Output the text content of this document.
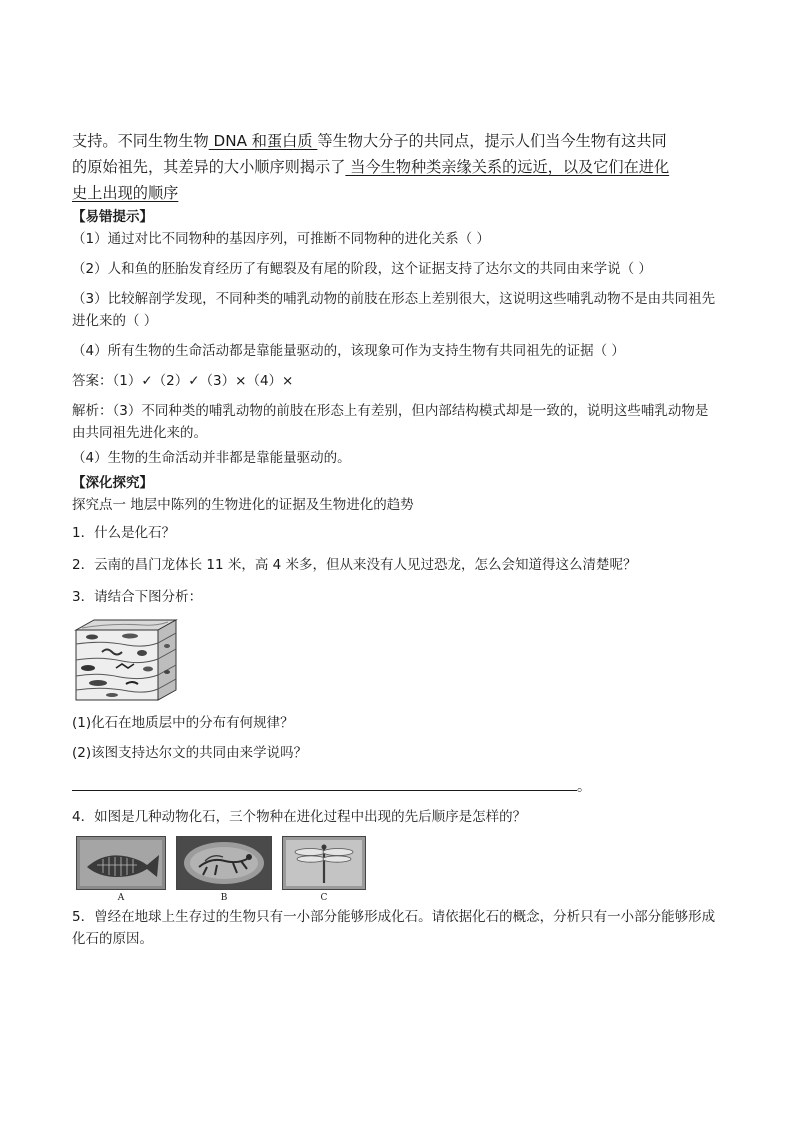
支持。不同生物生物 DNA 和蛋白质 等生物大分子的共同点，提示人们当今生物有这共同

的原始祖先，其差异的大小顺序则揭示了 当今生物种类亲缘关系的远近，以及它们在进化

史上出现的顺序

【易错提示】

（1）通过对比不同物种的基因序列，可推断不同物种的进化关系（ ）

（2）人和鱼的胚胎发育经历了有鳃裂及有尾的阶段，这个证据支持了达尔文的共同由来学说（ ）

（3）比较解剖学发现，不同种类的哺乳动物的前肢在形态上差别很大，这说明这些哺乳动物不是由共同祖先进化来的（ ）

（4）所有生物的生命活动都是靠能量驱动的，该现象可作为支持生物有共同祖先的证据（ ）

答案：（1）✓（2）✓（3）×（4）×

解析：（3）不同种类的哺乳动物的前肢在形态上有差别，但内部结构模式却是一致的，说明这些哺乳动物是由共同祖先进化来的。

（4）生物的生命活动并非都是靠能量驱动的。

【深化探究】

探究点一 地层中陈列的生物进化的证据及生物进化的趋势

1．什么是化石？

2．云南的昌门龙体长 11 米，高 4 米多，但从来没有人见过恐龙，怎么会知道得这么清楚呢？

3．请结合下图分析：

(1)化石在地质层中的分布有何规律？

(2)该图支持达尔文的共同由来学说吗？

。

4．如图是几种动物化石，三个物种在进化过程中出现的先后顺序是怎样的？

A	B	C

5．曾经在地球上生存过的生物只有一小部分能够形成化石。请依据化石的概念，分析只有一小部分能够形成化石的原因。
